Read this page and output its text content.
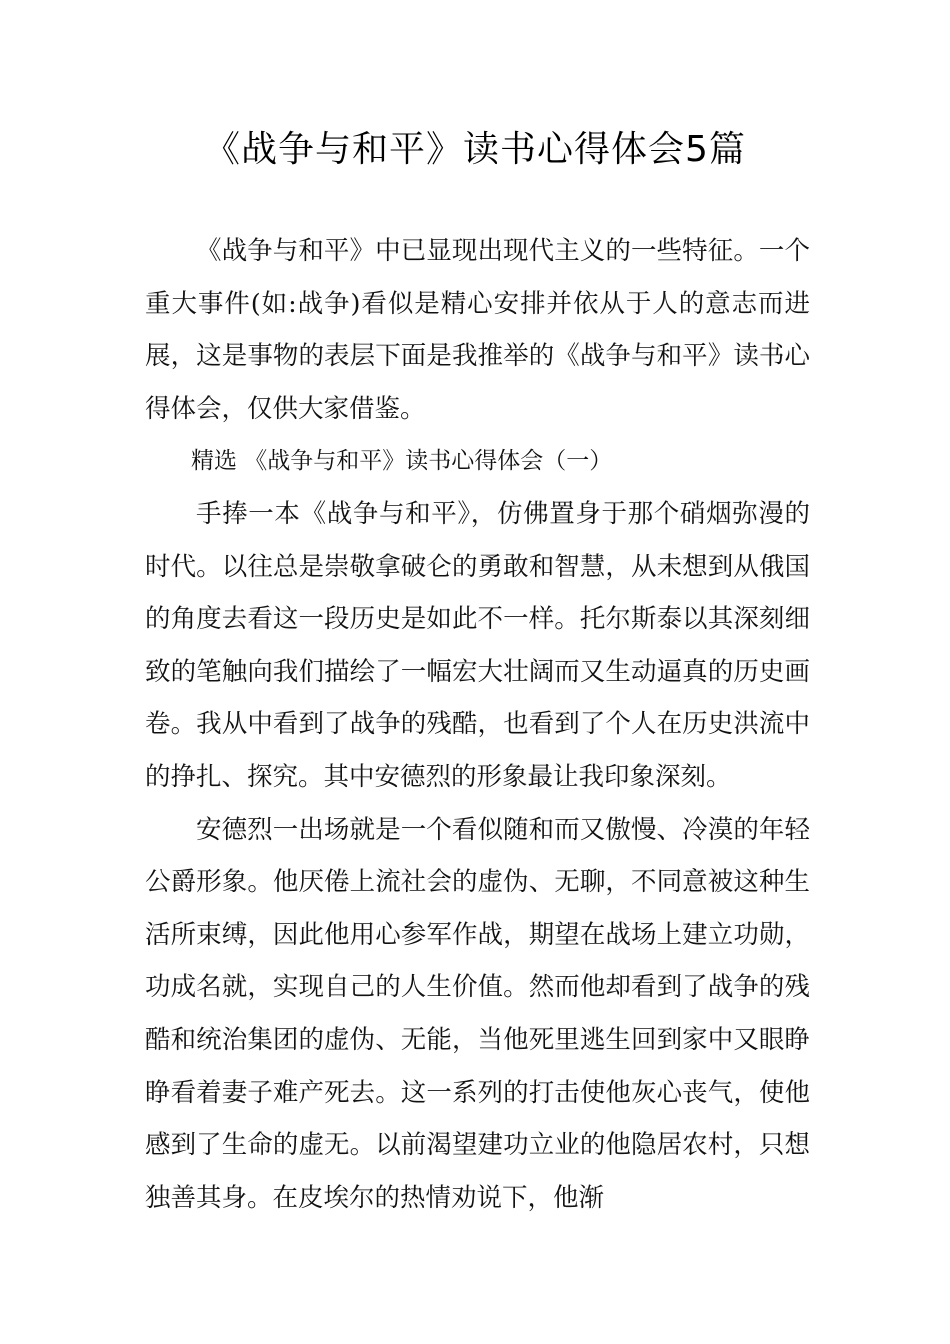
《战争与和平》读书心得体会5篇

《战争与和平》中已显现出现代主义的一些特征。一个重大事件(如:战争)看似是精心安排并依从于人的意志而进展，这是事物的表层下面是我推举的《战争与和平》读书心得体会，仅供大家借鉴。

精选 《战争与和平》读书心得体会（一）

手捧一本《战争与和平》，仿佛置身于那个硝烟弥漫的时代。以往总是崇敬拿破仑的勇敢和智慧，从未想到从俄国的角度去看这一段历史是如此不一样。托尔斯泰以其深刻细致的笔触向我们描绘了一幅宏大壮阔而又生动逼真的历史画卷。我从中看到了战争的残酷，也看到了个人在历史洪流中的挣扎、探究。其中安德烈的形象最让我印象深刻。

安德烈一出场就是一个看似随和而又傲慢、冷漠的年轻公爵形象。他厌倦上流社会的虚伪、无聊，不同意被这种生活所束缚，因此他用心参军作战，期望在战场上建立功勋，功成名就，实现自己的人生价值。然而他却看到了战争的残酷和统治集团的虚伪、无能，当他死里逃生回到家中又眼睁睁看着妻子难产死去。这一系列的打击使他灰心丧气，使他感到了生命的虚无。以前渴望建功立业的他隐居农村，只想独善其身。在皮埃尔的热情劝说下，他渐
